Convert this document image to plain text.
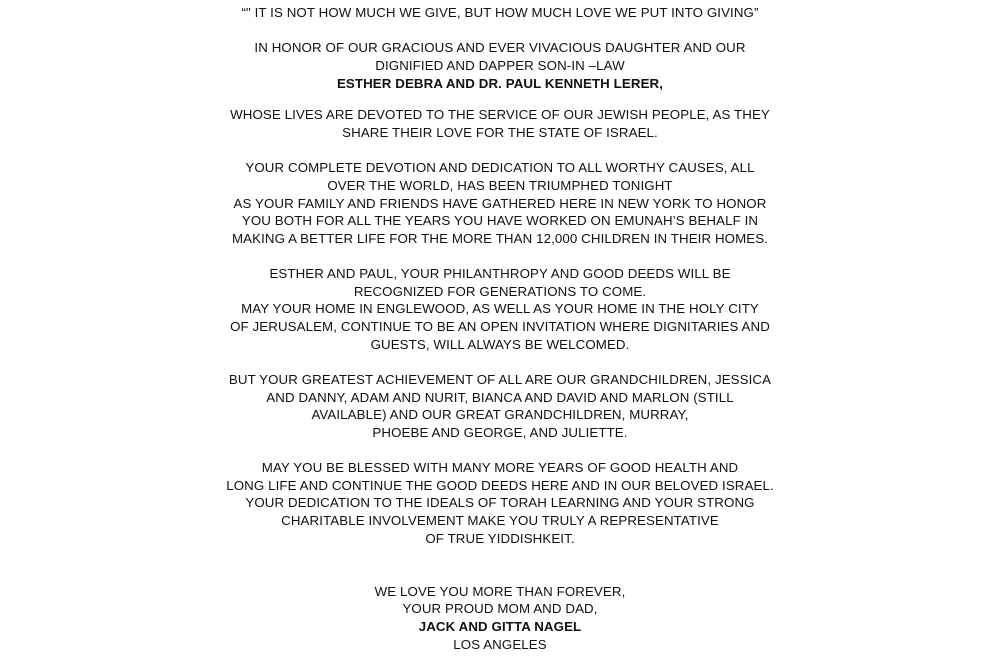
“" IT IS NOT HOW MUCH WE GIVE, BUT HOW MUCH LOVE WE PUT INTO GIVING”
IN HONOR OF OUR GRACIOUS AND EVER VIVACIOUS DAUGHTER AND OUR
DIGNIFIED AND DAPPER SON-IN –LAW
ESTHER DEBRA AND DR. PAUL KENNETH LERER,
WHOSE LIVES ARE DEVOTED TO THE SERVICE OF OUR JEWISH PEOPLE, AS THEY
SHARE THEIR LOVE FOR THE STATE OF ISRAEL.
YOUR COMPLETE DEVOTION AND DEDICATION TO ALL WORTHY CAUSES, ALL
OVER THE WORLD, HAS BEEN TRIUMPHED TONIGHT
AS YOUR FAMILY AND FRIENDS HAVE GATHERED HERE IN NEW YORK TO HONOR
YOU BOTH FOR ALL THE YEARS YOU HAVE WORKED ON EMUNAH’S BEHALF IN
MAKING A BETTER LIFE FOR THE MORE THAN 12,000 CHILDREN IN THEIR HOMES.
ESTHER AND PAUL, YOUR PHILANTHROPY AND GOOD DEEDS WILL BE
RECOGNIZED FOR GENERATIONS TO COME.
MAY YOUR HOME IN ENGLEWOOD, AS WELL AS YOUR HOME IN THE HOLY CITY
OF JERUSALEM, CONTINUE TO BE AN OPEN INVITATION WHERE DIGNITARIES AND
GUESTS, WILL ALWAYS BE WELCOMED.
BUT YOUR GREATEST ACHIEVEMENT OF ALL ARE OUR GRANDCHILDREN, JESSICA
AND DANNY, ADAM AND NURIT, BIANCA AND DAVID AND MARLON (STILL
AVAILABLE) AND OUR GREAT GRANDCHILDREN, MURRAY,
PHOEBE AND GEORGE, AND JULIETTE.
MAY YOU BE BLESSED WITH MANY MORE YEARS OF GOOD HEALTH AND
LONG LIFE AND CONTINUE THE GOOD DEEDS HERE AND IN OUR BELOVED ISRAEL.
YOUR DEDICATION TO THE IDEALS OF TORAH LEARNING AND YOUR STRONG
CHARITABLE INVOLVEMENT MAKE YOU TRULY A REPRESENTATIVE
OF TRUE YIDDISHKEIT.
WE LOVE YOU MORE THAN FOREVER,
YOUR PROUD MOM AND DAD,
JACK AND GITTA NAGEL
LOS ANGELES
